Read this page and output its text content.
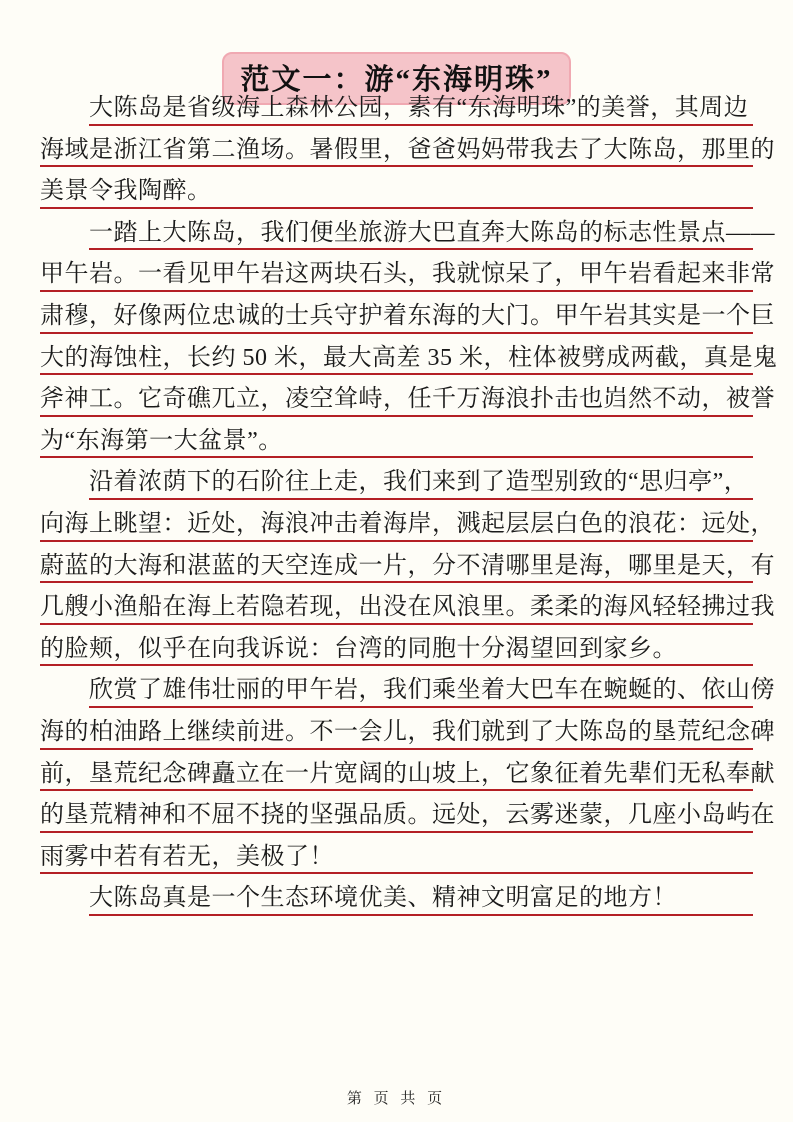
范文一：游“东海明珠”
大陈岛是省级海上森林公园，素有“东海明珠”的美誉，其周边
海域是浙江省第二渔场。暑假里，爸爸妈妈带我去了大陈岛，那里的
美景令我陶醉。
一踏上大陈岛，我们便坐旅游大巴直奔大陈岛的标志性景点——
甲午岩。一看见甲午岩这两块石头，我就惊呆了，甲午岩看起来非常
肃穆，好像两位忠诚的士兵守护着东海的大门。甲午岩其实是一个巨
大的海蚀柱，长约 50 米，最大高差 35 米，柱体被劈成两截，真是鬼
斧神工。它奇礁兀立，凌空耸峙，任千万海浪扑击也岿然不动，被誉
为“东海第一大盆景”。
沿着浓荫下的石阶往上走，我们来到了造型别致的“思归亭”，
向海上眺望：近处，海浪冲击着海岸，溅起层层白色的浪花：远处，
蔚蓝的大海和湛蓝的天空连成一片，分不清哪里是海，哪里是天，有
几艘小渔船在海上若隐若现，出没在风浪里。柔柔的海风轻轻拂过我
的脸颊，似乎在向我诉说：台湾的同胞十分渴望回到家乡。
欣赏了雄伟壮丽的甲午岩，我们乘坐着大巴车在蜿蜒的、依山傍
海的柏油路上继续前进。不一会儿，我们就到了大陈岛的垦荒纪念碑
前，垦荒纪念碑矗立在一片宽阔的山坡上，它象征着先辈们无私奉献
的垦荒精神和不屈不挠的坚强品质。远处，云雾迷蒙，几座小岛屿在
雨雾中若有若无，美极了！
大陈岛真是一个生态环境优美、精神文明富足的地方！
第 页 共 页
